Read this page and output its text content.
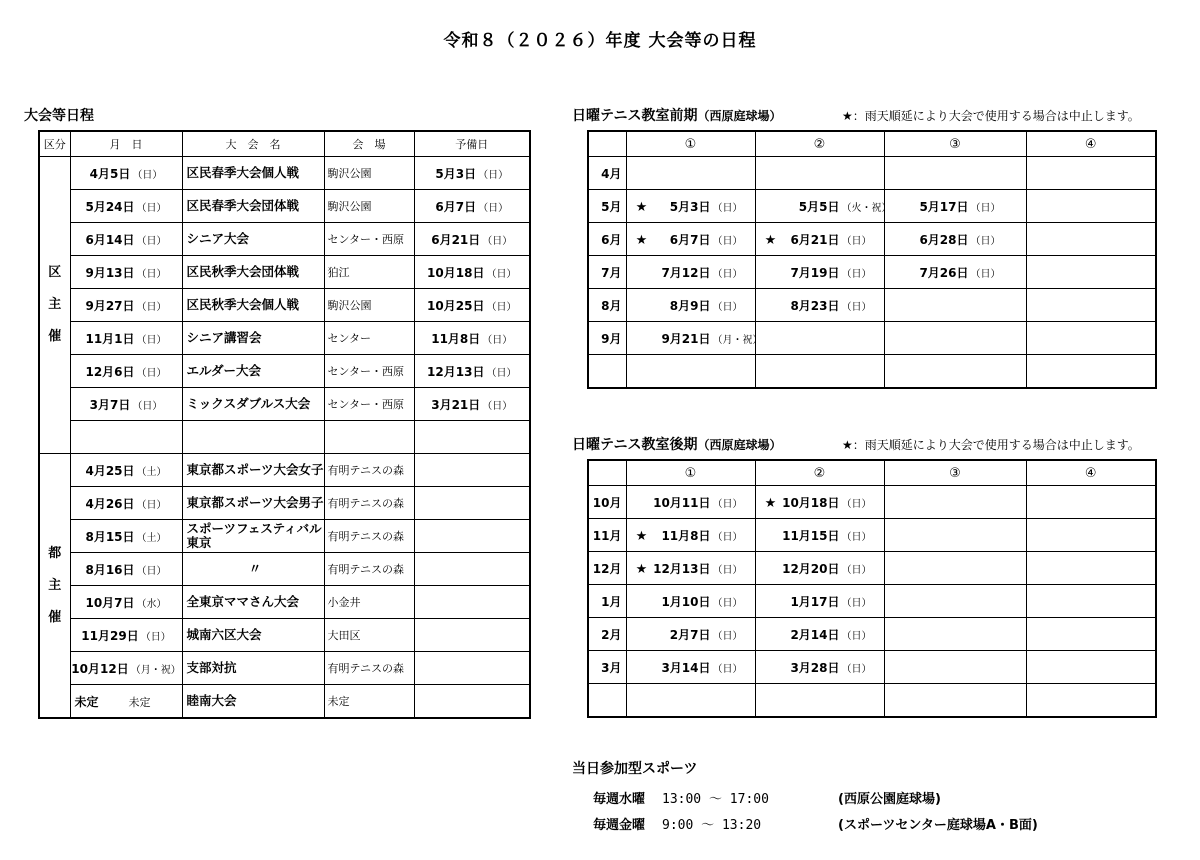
令和８（２０２６）年度 大会等の日程
大会等日程
区分	月　日	大　会　名	会　場	予備日
区主催	4月5日 （日）	区民春季大会個人戦	駒沢公園	5月3日 （日）
	5月24日 （日）	区民春季大会団体戦	駒沢公園	6月7日 （日）
	6月14日 （日）	シニア大会	センター・西原	6月21日 （日）
	9月13日 （日）	区民秋季大会団体戦	狛江	10月18日 （日）
	9月27日 （日）	区民秋季大会個人戦	駒沢公園	10月25日 （日）
	11月1日 （日）	シニア講習会	センター	11月8日 （日）
	12月6日 （日）	エルダー大会	センター・西原	12月13日 （日）
	3月7日 （日）	ミックスダブルス大会	センター・西原	3月21日 （日）

都主催	4月25日 （土）	東京都スポーツ大会女子	有明テニスの森	
	4月26日 （日）	東京都スポーツ大会男子	有明テニスの森	
	8月15日 （土）	スポーツフェスティバル東京	有明テニスの森	
	8月16日 （日）	〃	有明テニスの森	
	10月7日 （水）	全東京ママさん大会	小金井	
	11月29日 （日）	城南六区大会	大田区	
	10月12日 （月・祝）	支部対抗	有明テニスの森	
	未定 未定	睦南大会	未定	
日曜テニス教室前期（西原庭球場）	★：雨天順延により大会で使用する場合は中止します。
	①	②	③	④
4月				
5月	★ 5月3日 （日）	5月5日 （火・祝）	5月17日 （日）	
6月	★ 6月7日 （日）	★ 6月21日 （日）	6月28日 （日）	
7月	7月12日 （日）	7月19日 （日）	7月26日 （日）	
8月	8月9日 （日）	8月23日 （日）		
9月	9月21日 （月・祝）			

日曜テニス教室後期（西原庭球場）	★：雨天順延により大会で使用する場合は中止します。
	①	②	③	④
10月	10月11日 （日）	★ 10月18日 （日）		
11月	★ 11月8日 （日）	11月15日 （日）		
12月	★ 12月13日 （日）	12月20日 （日）		
1月	1月10日 （日）	1月17日 （日）		
2月	2月7日 （日）	2月14日 （日）		
3月	3月14日 （日）	3月28日 （日）		

当日参加型スポーツ
毎週水曜 13:00 ～ 17:00	(西原公園庭球場)
毎週金曜 9:00 ～ 13:20	(スポーツセンター庭球場A・B面)
